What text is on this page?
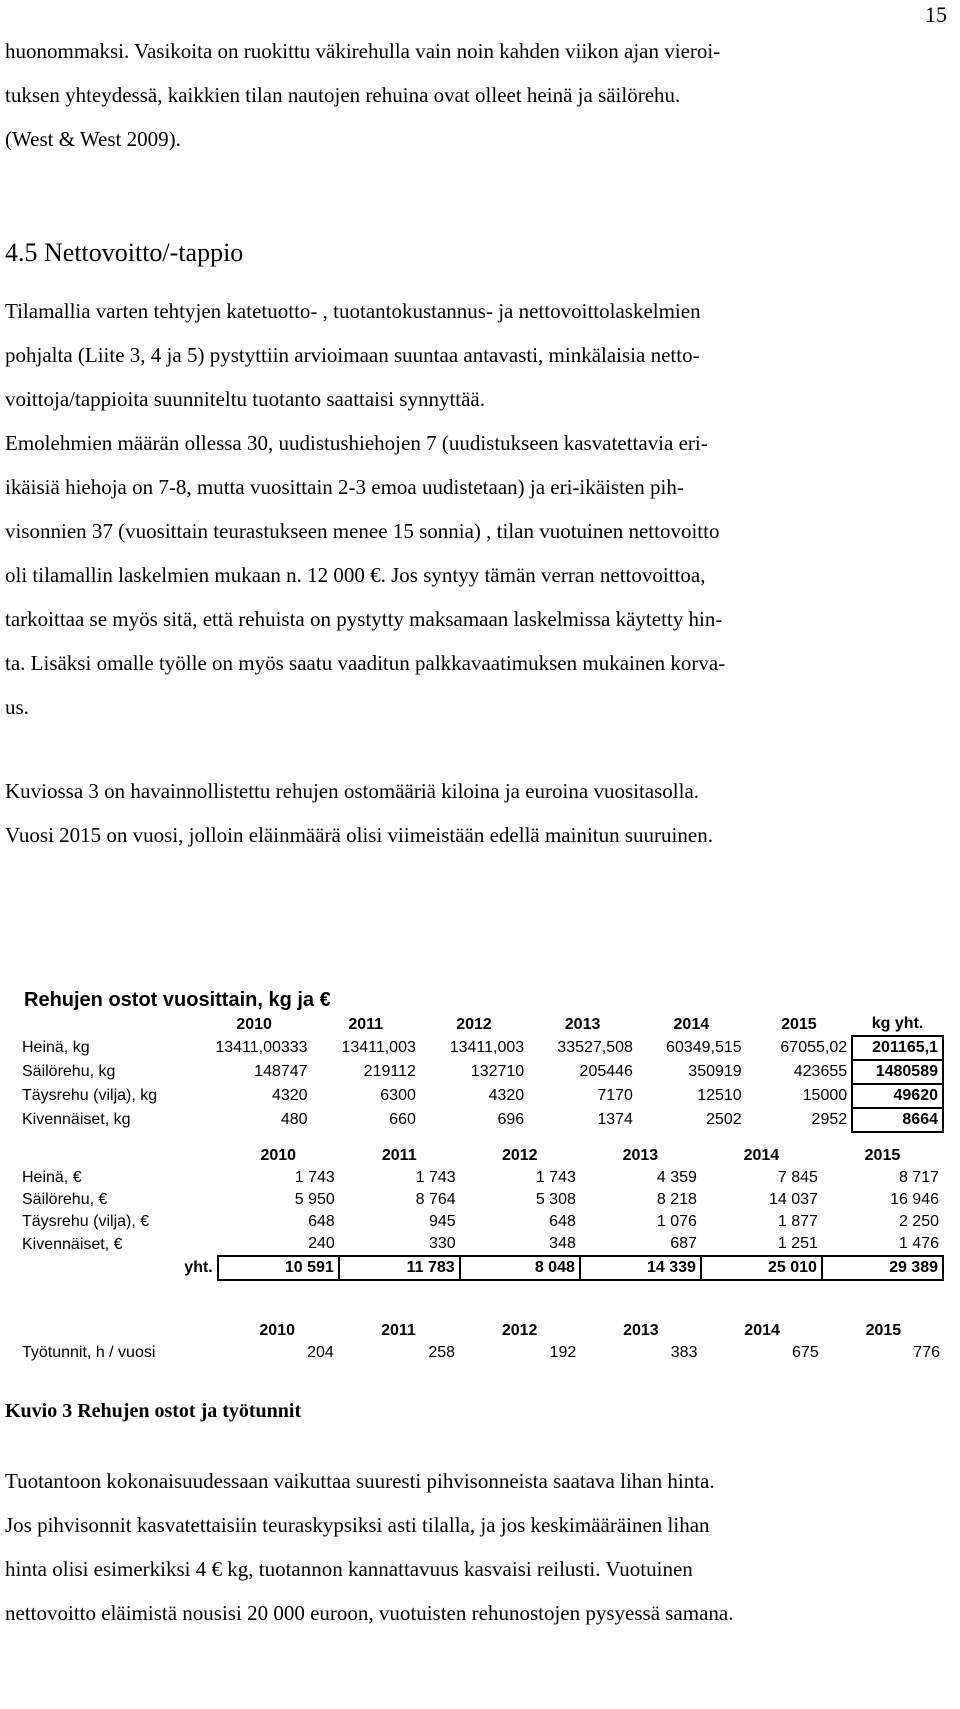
15
huonommaksi. Vasikoita on ruokittu väkirehulla vain noin kahden viikon ajan vieroi-
tuksen yhteydessä, kaikkien tilan nautojen rehuina ovat olleet heinä ja säilörehu.
(West & West 2009).
4.5 Nettovoitto/-tappio
Tilamallia varten tehtyjen katetuotto- , tuotantokustannus- ja nettovoittolaskelmien
pohjalta (Liite 3, 4 ja 5) pystyttiin arvioimaan suuntaa antavasti, minkälaisia netto-
voittoja/tappioita suunniteltu tuotanto saattaisi synnyttää.
Emolehmien määrän ollessa 30, uudistushiehojen 7 (uudistukseen kasvatettavia eri-
ikäisiä hiehoja on 7-8, mutta vuosittain 2-3 emoa uudistetaan) ja eri-ikäisten pih-
visonnien 37 (vuosittain teurastukseen menee 15 sonnia) , tilan vuotuinen nettovoitto
oli tilamallin laskelmien mukaan n. 12 000 €. Jos syntyy tämän verran nettovoittoa,
tarkoittaa se myös sitä, että rehuista on pystytty maksamaan laskelmissa käytetty hin-
ta. Lisäksi omalle työlle on myös saatu vaaditun palkkavaatimuksen mukainen korva-
us.
Kuviossa 3 on havainnollistettu rehujen ostomääriä kiloina ja euroina vuositasolla.
Vuosi 2015 on vuosi, jolloin eläinmäärä olisi viimeistään edellä mainitun suuruinen.
Rehujen ostot vuosittain, kg ja €
	2010	2011	2012	2013	2014	2015	kg yht.
Heinä, kg	13411,00333	13411,003	13411,003	33527,508	60349,515	67055,02	201165,1
Säilörehu, kg	148747	219112	132710	205446	350919	423655	1480589
Täysrehu (vilja), kg	4320	6300	4320	7170	12510	15000	49620
Kivennäiset, kg	480	660	696	1374	2502	2952	8664
	2010	2011	2012	2013	2014	2015
Heinä, €	1 743	1 743	1 743	4 359	7 845	8 717
Säilörehu, €	5 950	8 764	5 308	8 218	14 037	16 946
Täysrehu (vilja), €	648	945	648	1 076	1 877	2 250
Kivennäiset, €	240	330	348	687	1 251	1 476
yht.	10 591	11 783	8 048	14 339	25 010	29 389
	2010	2011	2012	2013	2014	2015
Työtunnit, h / vuosi	204	258	192	383	675	776
Kuvio 3 Rehujen ostot ja työtunnit
Tuotantoon kokonaisuudessaan vaikuttaa suuresti pihvisonneista saatava lihan hinta.
Jos pihvisonnit kasvatettaisiin teuraskypsiksi asti tilalla, ja jos keskimääräinen lihan
hinta olisi esimerkiksi 4 € kg, tuotannon kannattavuus kasvaisi reilusti. Vuotuinen
nettovoitto eläimistä nousisi 20 000 euroon, vuotuisten rehunostojen pysyessä samana.
